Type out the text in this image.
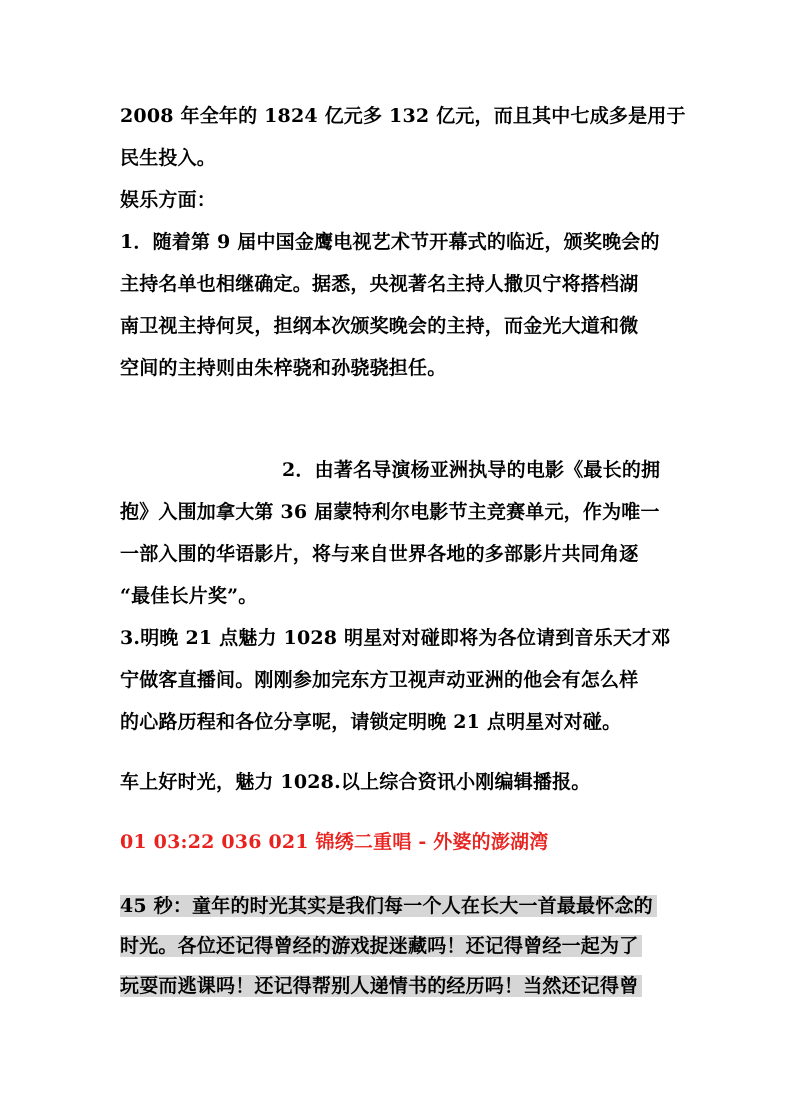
2008 年全年的 1824 亿元多 132 亿元，而且其中七成多是用于
民生投入。
娱乐方面：
1．随着第 9 届中国金鹰电视艺术节开幕式的临近，颁奖晚会的
主持名单也相继确定。据悉，央视著名主持人撒贝宁将搭档湖
南卫视主持何炅，担纲本次颁奖晚会的主持，而金光大道和微
空间的主持则由朱梓骁和孙骁骁担任。
2．由著名导演杨亚洲执导的电影《最长的拥
抱》入围加拿大第 36 届蒙特利尔电影节主竞赛单元，作为唯一
一部入围的华语影片，将与来自世界各地的多部影片共同角逐
“最佳长片奖”。
3.明晚 21 点魅力 1028 明星对对碰即将为各位请到音乐天才邓
宁做客直播间。刚刚参加完东方卫视声动亚洲的他会有怎么样
的心路历程和各位分享呢，请锁定明晚 21 点明星对对碰。
车上好时光，魅力 1028.以上综合资讯小刚编辑播报。
01 03:22 036 021 锦绣二重唱 - 外婆的澎湖湾
45 秒：童年的时光其实是我们每一个人在长大一首最最怀念的
时光。各位还记得曾经的游戏捉迷藏吗！还记得曾经一起为了
玩耍而逃课吗！还记得帮别人递情书的经历吗！当然还记得曾
